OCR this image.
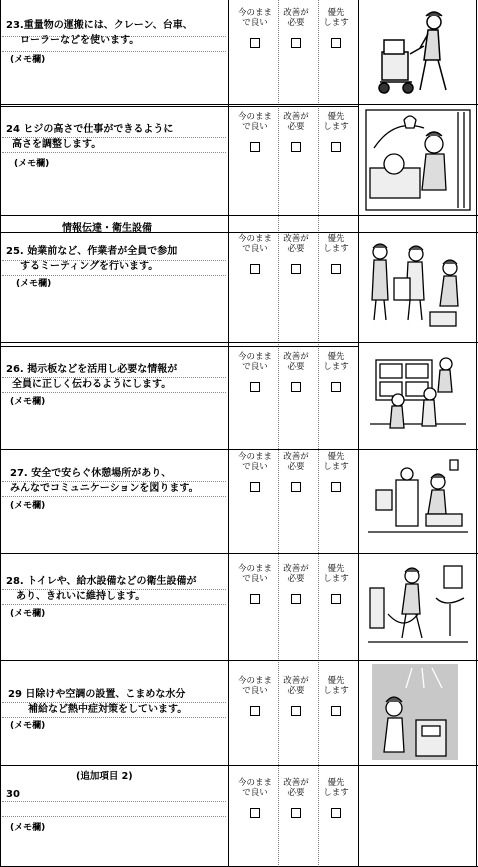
情報伝達・衛生設備
(追加項目 2)
23.重量物の運搬には、クレーン、台車、
ローラーなどを使います。
(メモ欄)
24 ヒジの高さで仕事ができるように
高さを調整します。
(メモ欄)
25. 始業前など、作業者が全員で参加
するミーティングを行います。
(メモ欄)
26. 掲示板などを活用し必要な情報が
全員に正しく伝わるようにします。
(メモ欄)
27. 安全で安らぐ休憩場所があり、
みんなでコミュニケーションを図ります。
(メモ欄)
28. トイレや、給水設備などの衛生設備が
あり、きれいに維持します。
(メモ欄)
29 日除けや空調の設置、こまめな水分
補給など熱中症対策をしています。
(メモ欄)
30
(メモ欄)
今のまま
で良い
改善が
必要
優先
します
今のまま
で良い
改善が
必要
優先
します
今のまま
で良い
改善が
必要
優先
します
今のまま
で良い
改善が
必要
優先
します
今のまま
で良い
改善が
必要
優先
します
今のまま
で良い
改善が
必要
優先
します
今のまま
で良い
改善が
必要
優先
します
今のまま
で良い
改善が
必要
優先
します
